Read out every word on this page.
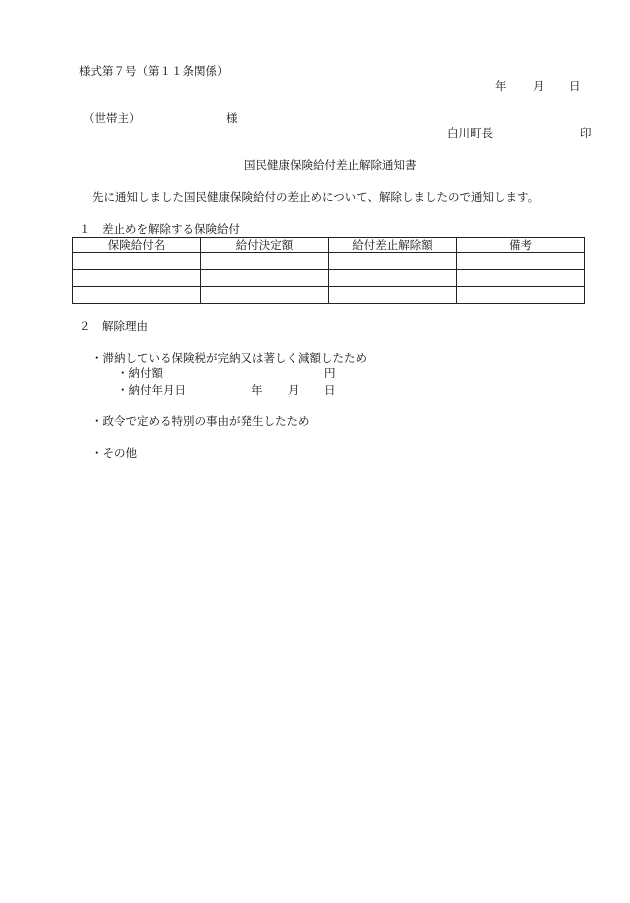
様式第７号（第１１条関係）
年 月 日
（世帯主）	様
白川町長	印
国民健康保険給付差止解除通知書
先に通知しました国民健康保険給付の差止めについて、解除しましたので通知します。
１　差止めを解除する保険給付
保険給付名	給付決定額	給付差止解除額	備考

２　解除理由
・滞納している保険税が完納又は著しく減額したため
・納付額	円
・納付年月日	年 月 日
・政令で定める特別の事由が発生したため
・その他
